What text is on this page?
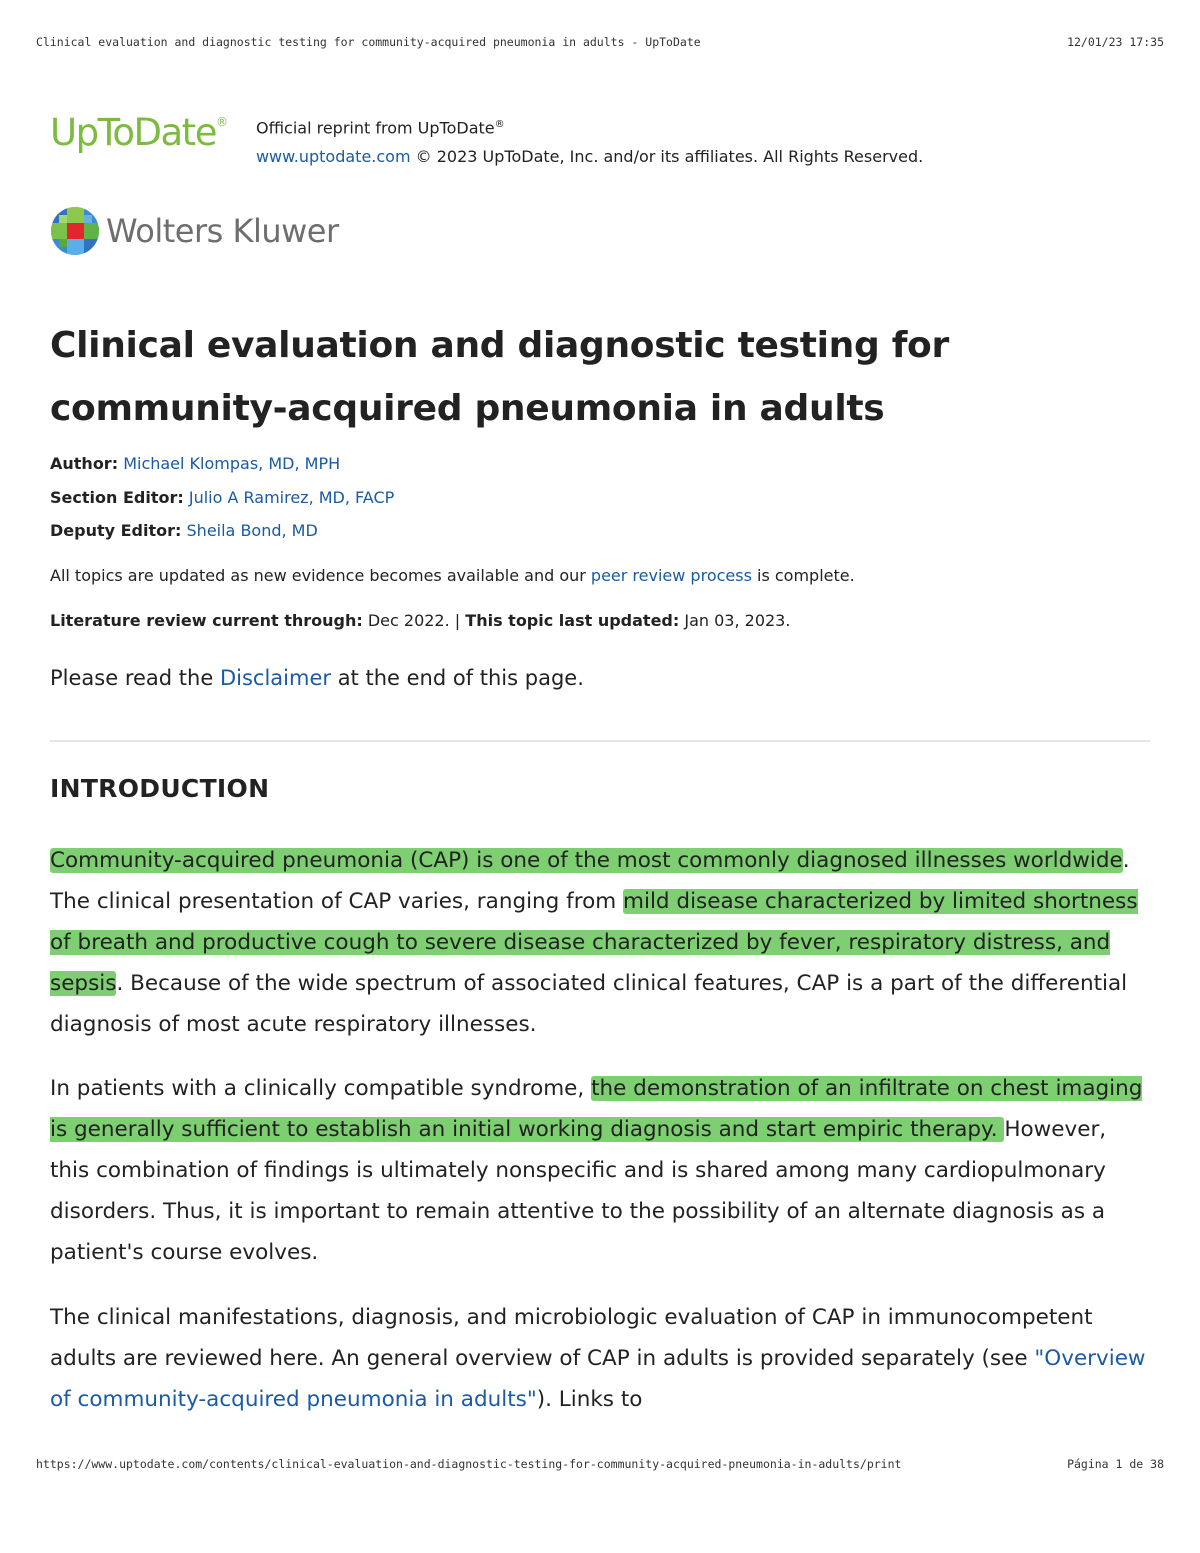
Clinical evaluation and diagnostic testing for community-acquired pneumonia in adults - UpToDate	12/01/23 17:35
UpToDate® Official reprint from UpToDate®
www.uptodate.com © 2023 UpToDate, Inc. and/or its affiliates. All Rights Reserved.
Wolters Kluwer
Clinical evaluation and diagnostic testing for
community-acquired pneumonia in adults
Author: Michael Klompas, MD, MPH
Section Editor: Julio A Ramirez, MD, FACP
Deputy Editor: Sheila Bond, MD
All topics are updated as new evidence becomes available and our peer review process is complete.
Literature review current through: Dec 2022. | This topic last updated: Jan 03, 2023.
Please read the Disclaimer at the end of this page.
INTRODUCTION

Community-acquired pneumonia (CAP) is one of the most commonly diagnosed illnesses worldwide. The clinical presentation of CAP varies, ranging from mild disease characterized by limited shortness of breath and productive cough to severe disease characterized by fever, respiratory distress, and sepsis. Because of the wide spectrum of associated clinical features, CAP is a part of the differential diagnosis of most acute respiratory illnesses.

In patients with a clinically compatible syndrome, the demonstration of an infiltrate on chest imaging is generally sufficient to establish an initial working diagnosis and start empiric therapy. However, this combination of findings is ultimately nonspecific and is shared among many cardiopulmonary disorders. Thus, it is important to remain attentive to the possibility of an alternate diagnosis as a patient's course evolves.

The clinical manifestations, diagnosis, and microbiologic evaluation of CAP in immunocompetent adults are reviewed here. An general overview of CAP in adults is provided separately (see "Overview of community-acquired pneumonia in adults"). Links to

https://www.uptodate.com/contents/clinical-evaluation-and-diagnostic-testing-for-community-acquired-pneumonia-in-adults/print	Página 1 de 38
